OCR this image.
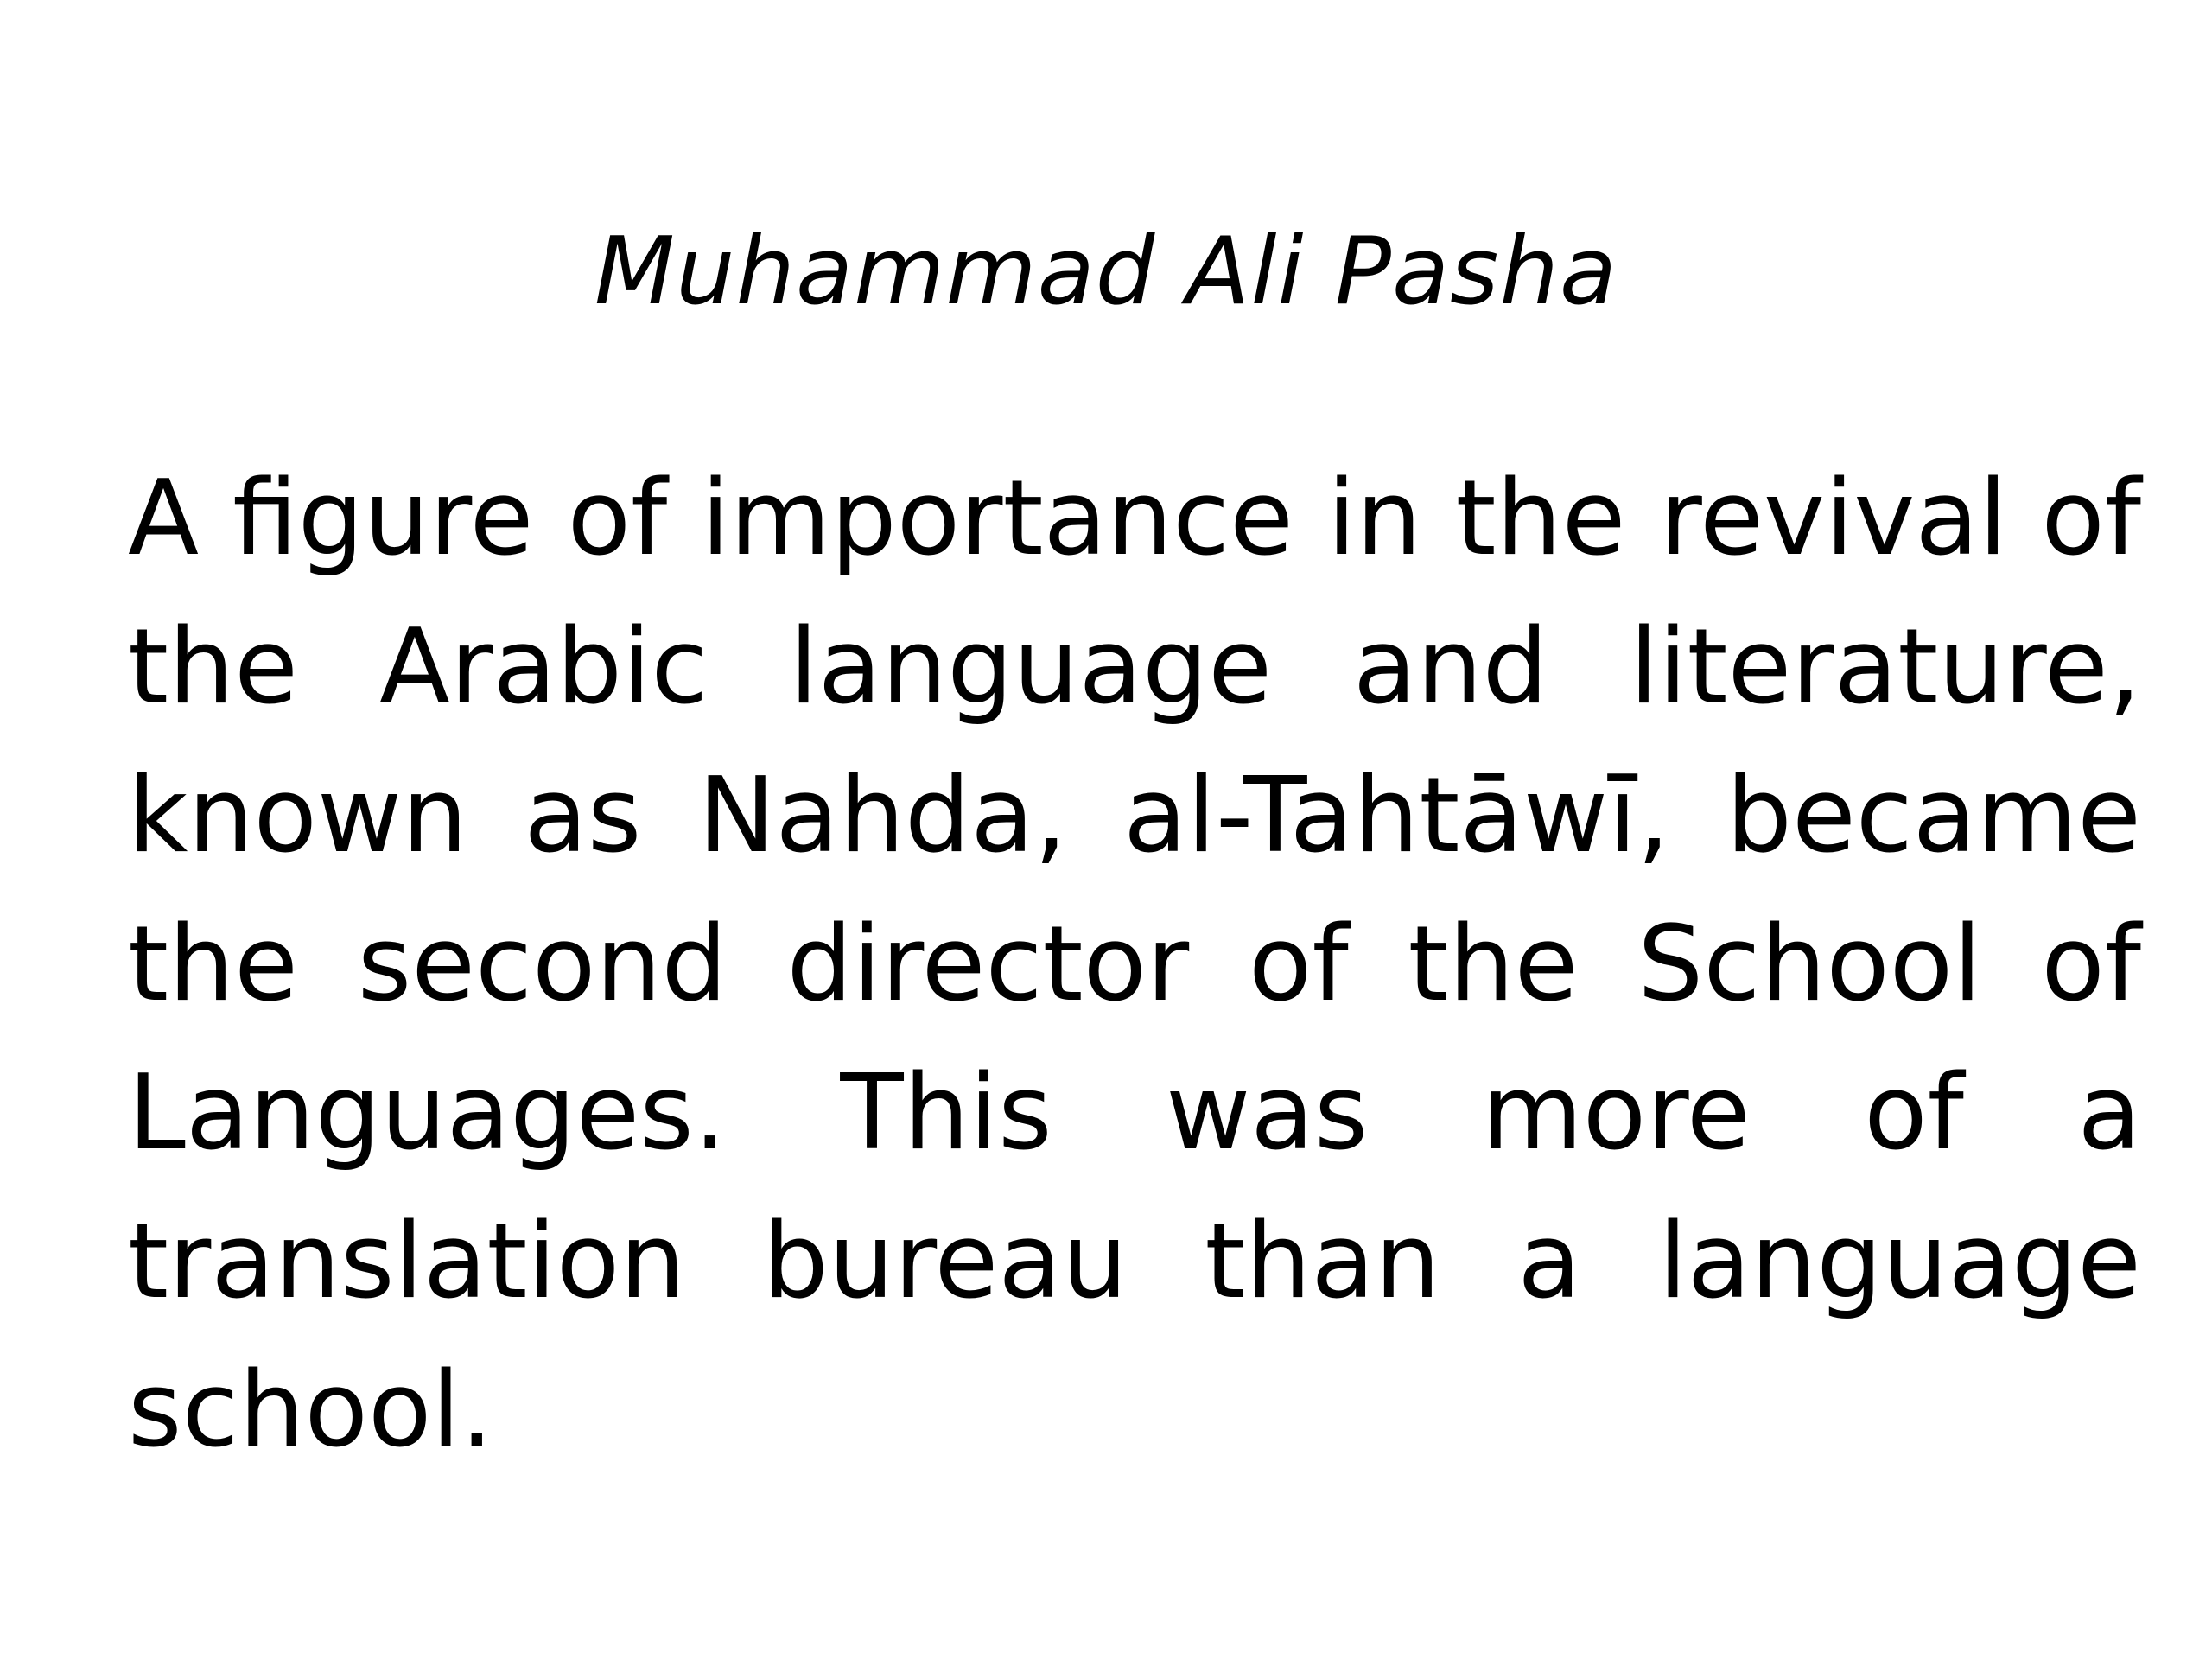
Muhammad Ali Pasha

A figure of importance in the revival of the Arabic language and literature, known as Nahda, al-Tahtāwī, became the second director of the School of Languages. This was more of a translation bureau than a language school.
